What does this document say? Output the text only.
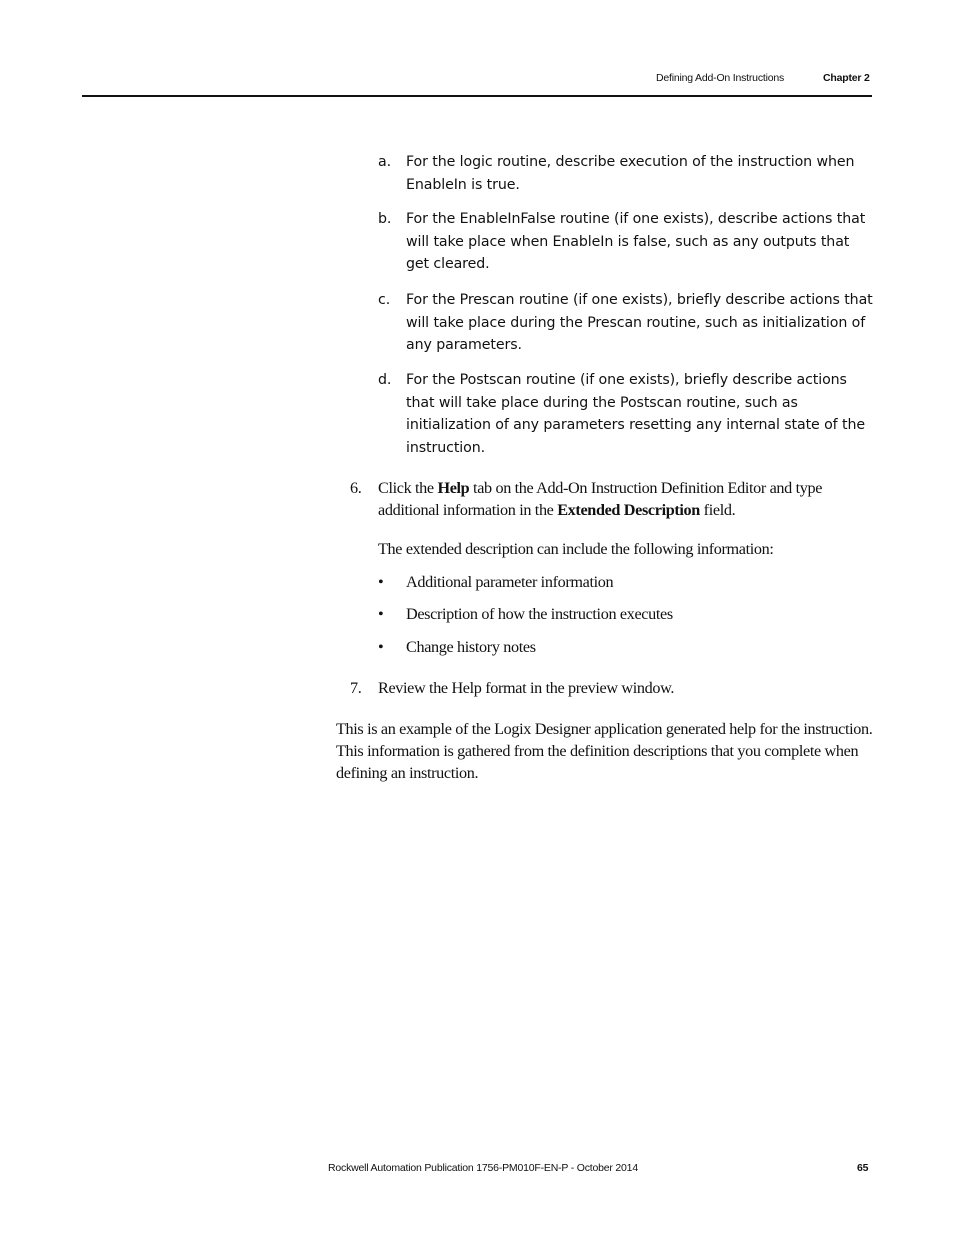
Defining Add-On Instructions	Chapter 2
a. For the logic routine, describe execution of the instruction when EnableIn is true.
b. For the EnableInFalse routine (if one exists), describe actions that will take place when EnableIn is false, such as any outputs that get cleared.
c. For the Prescan routine (if one exists), briefly describe actions that will take place during the Prescan routine, such as initialization of any parameters.
d. For the Postscan routine (if one exists), briefly describe actions that will take place during the Postscan routine, such as initialization of any parameters resetting any internal state of the instruction.
6. Click the Help tab on the Add-On Instruction Definition Editor and type additional information in the Extended Description field.
The extended description can include the following information:
• Additional parameter information
• Description of how the instruction executes
• Change history notes
7. Review the Help format in the preview window.
This is an example of the Logix Designer application generated help for the instruction. This information is gathered from the definition descriptions that you complete when defining an instruction.
Rockwell Automation Publication 1756-PM010F-EN-P - October 2014	65
